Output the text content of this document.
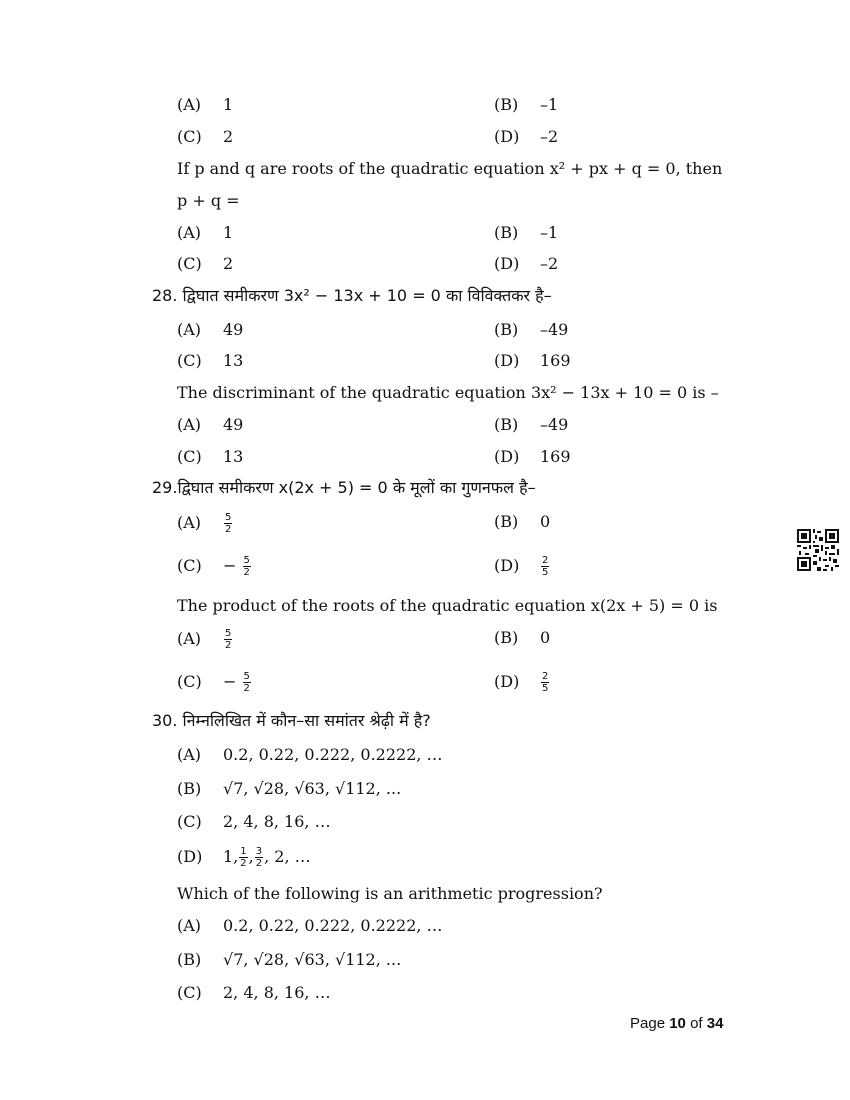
(A) 1	(B) –1
(C) 2	(D) –2
If p and q are roots of the quadratic equation x² + px + q = 0, then
p + q =
(A) 1	(B) –1
(C) 2	(D) –2
28. द्विघात समीकरण 3x² − 13x + 10 = 0 का विविक्तकर है–
(A) 49	(B) –49
(C) 13	(D) 169
The discriminant of the quadratic equation 3x² − 13x + 10 = 0 is –
(A) 49	(B) –49
(C) 13	(D) 169
29.द्विघात समीकरण x(2x + 5) = 0 के मूलों का गुणनफल है–
$(A) \frac{5}{2}$	(B) 0
$(C) - \frac{5}{2}$	$(D) \frac{2}{5}$
The product of the roots of the quadratic equation x(2x + 5) = 0 is
$(A) \frac{5}{2}$	(B) 0
$(C) - \frac{5}{2}$	$(D) \frac{2}{5}$
30. निम्नलिखित में कौन–सा समांतर श्रेढ़ी में है?
(A) 0.2, 0.22, 0.222, 0.2222, …
(B) √7, √28, √63, √112, ...
(C) 2, 4, 8, 16, …
(D) 1, $\frac{1}{2}$ , $\frac{3}{2}$ , 2, …
Which of the following is an arithmetic progression?
(A) 0.2, 0.22, 0.222, 0.2222, …
(B) √7, √28, √63, √112, ...
(C) 2, 4, 8, 16, …
Page 10 of 34
